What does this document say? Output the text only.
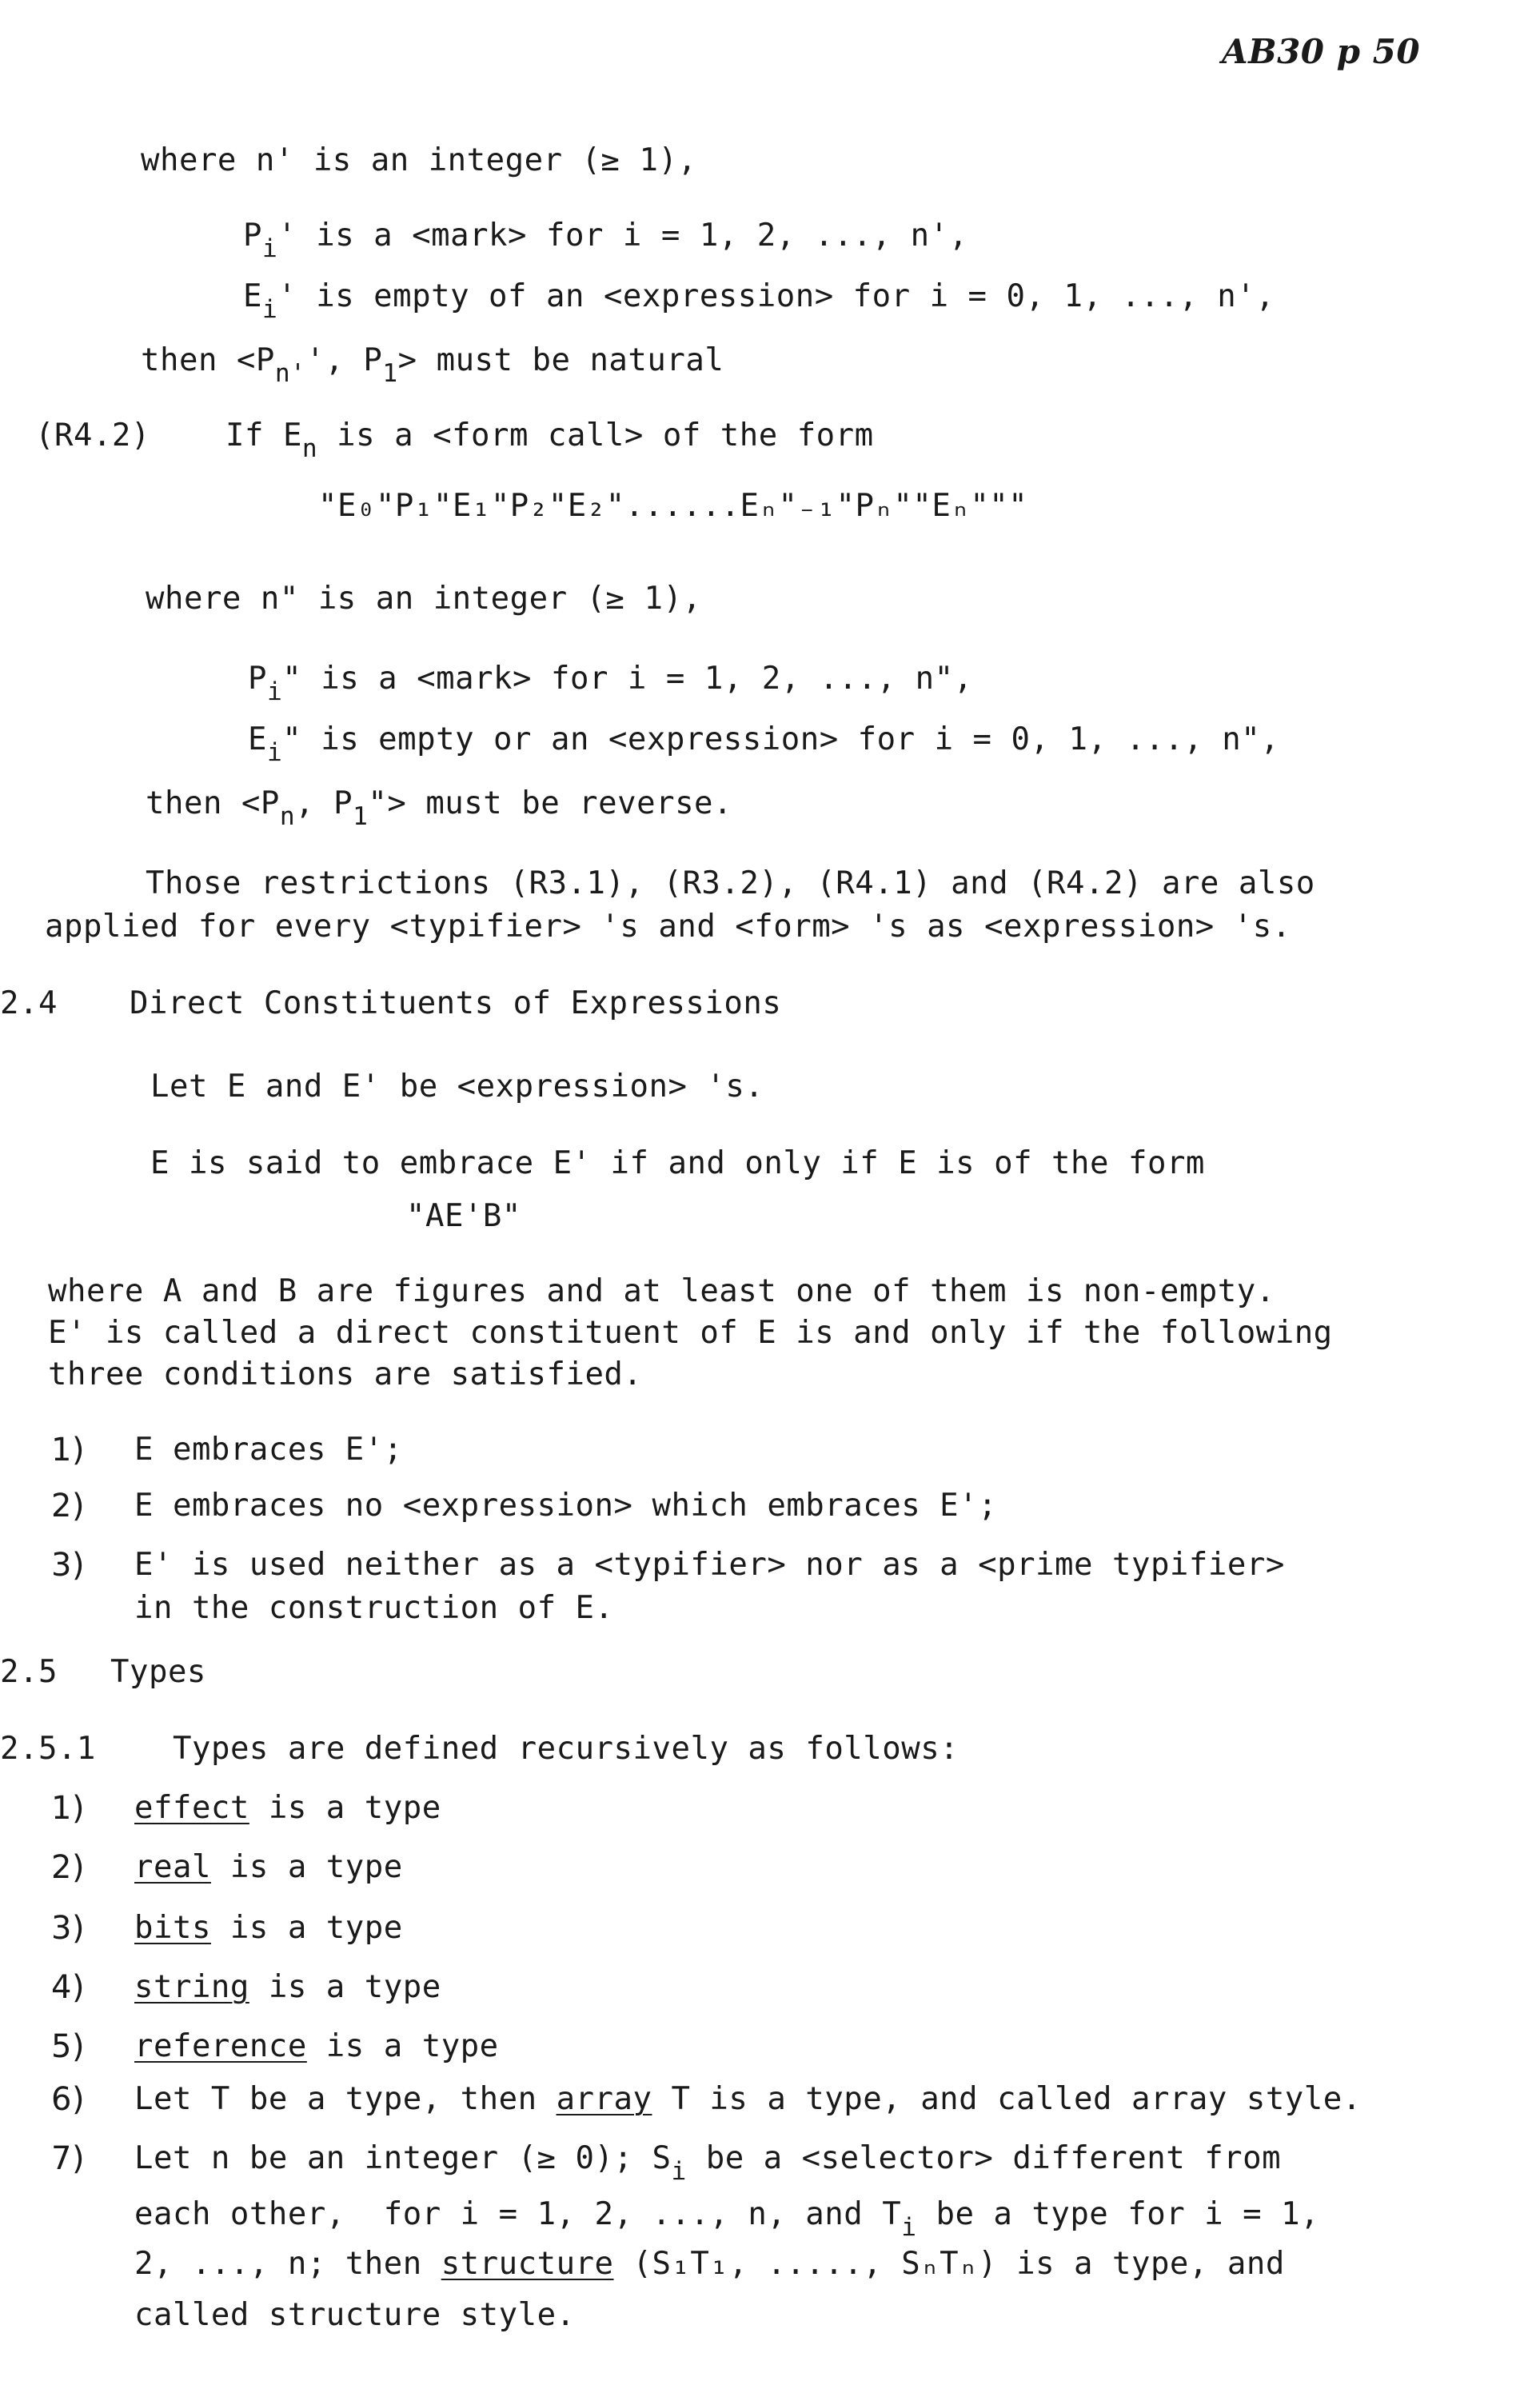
AB30 p 50
where n' is an integer (≥ 1),
$P_i'$ is a <mark> for i = 1, 2, ..., n',
$E_i'$ is empty of an <expression> for i = 0, 1, ..., n',
then $<P_{n'}'$, $P_1>$ must be natural
(R4.2) If $E_n$ is a <form call> of the form
"E₀"P₁"E₁"P₂"E₂"......Eₙ"₋₁"Pₙ""Eₙ"""
where n" is an integer (≥ 1),
$P_i$" is a <mark> for i = 1, 2, ..., n",
$E_i$" is empty or an <expression> for i = 0, 1, ..., n",
then $<P_n$, $P_1">$ must be reverse.
Those restrictions (R3.1), (R3.2), (R4.1) and (R4.2) are also
applied for every <typifier> 's and <form> 's as <expression> 's.
2.4 Direct Constituents of Expressions
Let E and E' be <expression> 's.
E is said to embrace E' if and only if E is of the form
"AE'B"
where A and B are figures and at least one of them is non-empty.
E' is called a direct constituent of E is and only if the following
three conditions are satisfied.
1) E embraces E';
2) E embraces no <expression> which embraces E';
3) E' is used neither as a <typifier> nor as a <prime typifier>
in the construction of E.
2.5 Types
2.5.1 Types are defined recursively as follows:
1) effect is a type
2) real is a type
3) bits is a type
4) string is a type
5) reference is a type
6) Let T be a type, then array T is a type, and called array style.
7) Let n be an integer (≥ 0); $S_i$ be a <selector> different from
each other,  for i = 1, 2, ..., n, and $T_i$ be a type for i = 1,
2, ..., n; then structure (S₁T₁, ....., SₙTₙ) is a type, and
called structure style.
